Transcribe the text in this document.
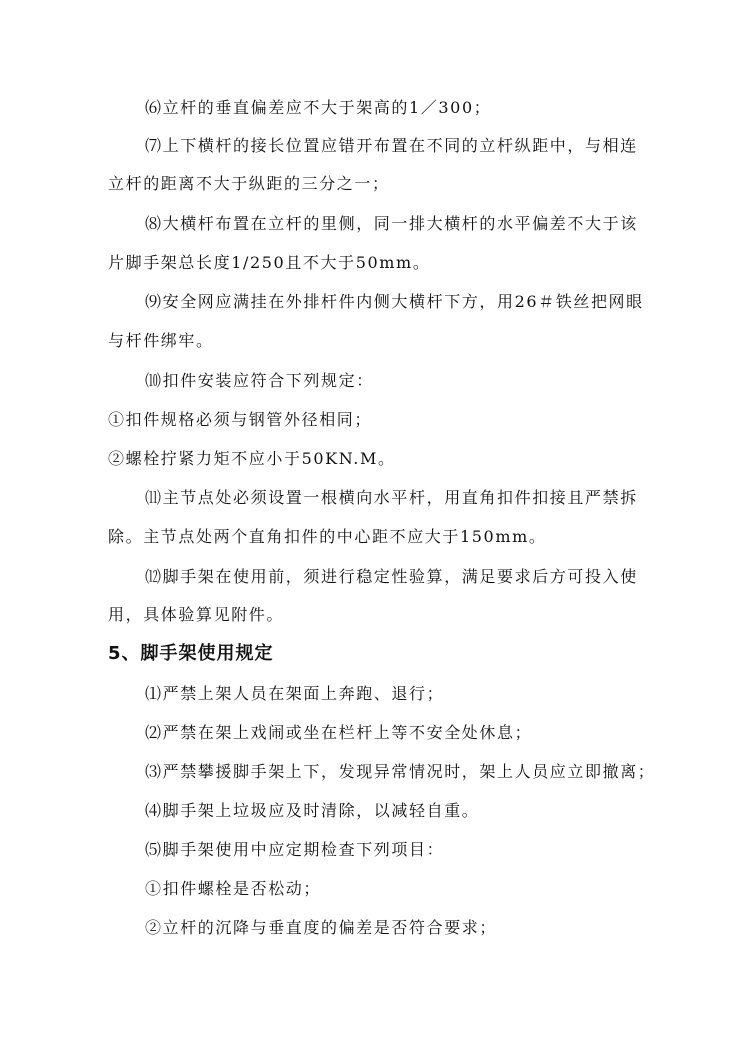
⑹立杆的垂直偏差应不大于架高的1／300；

⑺上下横杆的接长位置应错开布置在不同的立杆纵距中，与相连

立杆的距离不大于纵距的三分之一；

⑻大横杆布置在立杆的里侧，同一排大横杆的水平偏差不大于该

片脚手架总长度1/250且不大于50mm。

⑼安全网应满挂在外排杆件内侧大横杆下方，用26＃铁丝把网眼

与杆件绑牢。

⑽扣件安装应符合下列规定：

①扣件规格必须与钢管外径相同；

②螺栓拧紧力矩不应小于50KN.M。

⑾主节点处必须设置一根横向水平杆，用直角扣件扣接且严禁拆

除。主节点处两个直角扣件的中心距不应大于150mm。

⑿脚手架在使用前，须进行稳定性验算，满足要求后方可投入使

用，具体验算见附件。

5、脚手架使用规定

⑴严禁上架人员在架面上奔跑、退行；

⑵严禁在架上戏闹或坐在栏杆上等不安全处休息；

⑶严禁攀援脚手架上下，发现异常情况时，架上人员应立即撤离；

⑷脚手架上垃圾应及时清除，以减轻自重。

⑸脚手架使用中应定期检查下列项目：

①扣件螺栓是否松动；

②立杆的沉降与垂直度的偏差是否符合要求；
